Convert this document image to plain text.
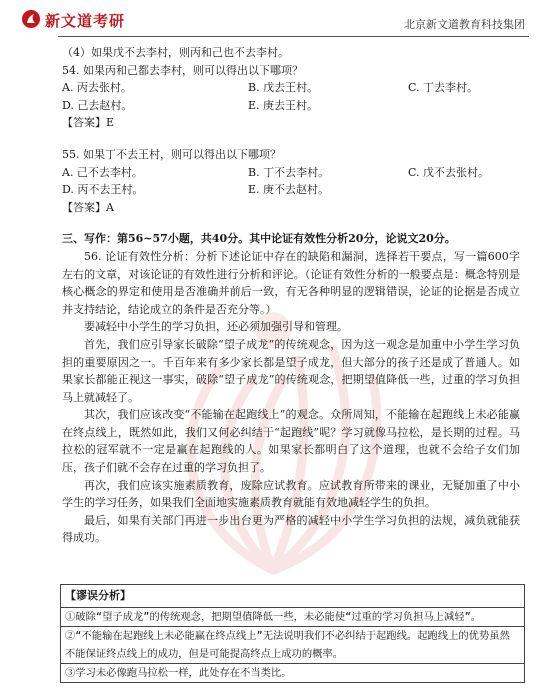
新文道考研	北京新文道教育科技集团
（4）如果戊不去李村，则丙和己也不去李村。
54. 如果丙和己都去李村，则可以得出以下哪项？
A. 丙去张村。	B. 戊去王村。	C. 丁去李村。
D. 己去赵村。	E. 庚去王村。
【答案】E
55. 如果丁不去王村，则可以得出以下哪项？
A. 己不去李村。	B. 丁不去李村。	C. 戊不去张村。
D. 丙不去王村。	E. 庚不去赵村。
【答案】A
三、写作：第56~57小题，共40分。其中论证有效性分析20分，论说文20分。

56. 论证有效性分析：分析下述论证中存在的缺陷和漏洞，选择若干要点，写一篇600字左右的文章，对该论证的有效性进行分析和评论。（论证有效性分析的一般要点是：概念特别是核心概念的界定和使用是否准确并前后一致，有无各种明显的逻辑错误，论证的论据是否成立并支持结论，结论成立的条件是否充分等。）

要减轻中小学生的学习负担，还必须加强引导和管理。

首先，我们应引导家长破除“望子成龙”的传统观念，因为这一观念是加重中小学生学习负担的重要原因之一。千百年来有多少家长都是望子成龙，但大部分的孩子还是成了普通人。如果家长都能正视这一事实，破除“望子成龙”的传统观念，把期望值降低一些，过重的学习负担马上就减轻了。

其次，我们应该改变“不能输在起跑线上”的观念。众所周知，不能输在起跑线上未必能赢在终点线上，既然如此，我们又何必纠结于“起跑线”呢？学习就像马拉松，是长期的过程。马拉松的冠军就不一定是赢在起跑线的人。如果家长都明白了这个道理，也就不会给子女们加压，孩子们就不会存在过重的学习负担了。

再次，我们应该实施素质教育，废除应试教育。应试教育所带来的课业，无疑加重了中小学生的学习任务，如果我们全面地实施素质教育就能有效地减轻学生的负担。

最后，如果有关部门再进一步出台更为严格的减轻中小学生学习负担的法规，减负就能获得成功。

【谬误分析】
①破除“望子成龙”的传统观念，把期望值降低一些，未必能使“过重的学习负担马上减轻”。
②“不能输在起跑线上未必能赢在终点线上”无法说明我们不必纠结于起跑线。起跑线上的优势虽然不能保证终点线上的成功，但是可能提高终点上成功的概率。
③学习未必像跑马拉松一样，此处存在不当类比。
